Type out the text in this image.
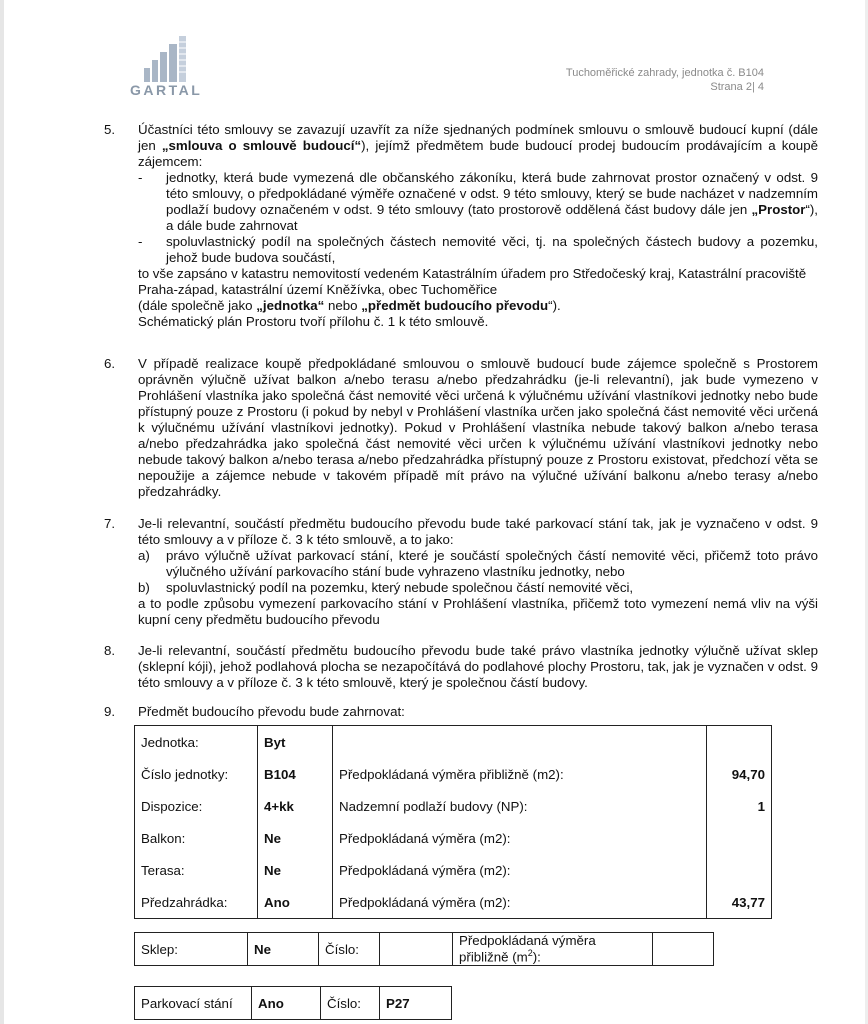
GARTAL
Tuchoměřické zahrady, jednotka č. B104
Strana 2| 4
5. Účastníci této smlouvy se zavazují uzavřít za níže sjednaných podmínek smlouvu o smlouvě budoucí kupní (dále jen „smlouva o smlouvě budoucí“), jejímž předmětem bude budoucí prodej budoucím prodávajícím a koupě zájemcem:
- jednotky, která bude vymezená dle občanského zákoníku, která bude zahrnovat prostor označený v odst. 9 této smlouvy, o předpokládané výměře označené v odst. 9 této smlouvy, který se bude nacházet v nadzemním podlaží budovy označeném v odst. 9 této smlouvy (tato prostorově oddělená část budovy dále jen „Prostor“), a dále bude zahrnovat
- spoluvlastnický podíl na společných částech nemovité věci, tj. na společných částech budovy a pozemku, jehož bude budova součástí,
to vše zapsáno v katastru nemovitostí vedeném Katastrálním úřadem pro Středočeský kraj, Katastrální pracoviště Praha-západ, katastrální území Kněžívka, obec Tuchoměřice
(dále společně jako „jednotka“ nebo „předmět budoucího převodu“).
Schématický plán Prostoru tvoří přílohu č. 1 k této smlouvě.
6. V případě realizace koupě předpokládané smlouvou o smlouvě budoucí bude zájemce společně s Prostorem oprávněn výlučně užívat balkon a/nebo terasu a/nebo předzahrádku (je-li relevantní), jak bude vymezeno v Prohlášení vlastníka jako společná část nemovité věci určená k výlučnému užívání vlastníkovi jednotky nebo bude přístupný pouze z Prostoru (i pokud by nebyl v Prohlášení vlastníka určen jako společná část nemovité věci určená k výlučnému užívání vlastníkovi jednotky). Pokud v Prohlášení vlastníka nebude takový balkon a/nebo terasa a/nebo předzahrádka jako společná část nemovité věci určen k výlučnému užívání vlastníkovi jednotky nebo nebude takový balkon a/nebo terasa a/nebo předzahrádka přístupný pouze z Prostoru existovat, předchozí věta se nepoužije a zájemce nebude v takovém případě mít právo na výlučné užívání balkonu a/nebo terasy a/nebo předzahrádky.
7. Je-li relevantní, součástí předmětu budoucího převodu bude také parkovací stání tak, jak je vyznačeno v odst. 9 této smlouvy a v příloze č. 3 k této smlouvě, a to jako:
a) právo výlučně užívat parkovací stání, které je součástí společných částí nemovité věci, přičemž toto právo výlučného užívání parkovacího stání bude vyhrazeno vlastníku jednotky, nebo
b) spoluvlastnický podíl na pozemku, který nebude společnou částí nemovité věci,
a to podle způsobu vymezení parkovacího stání v Prohlášení vlastníka, přičemž toto vymezení nemá vliv na výši kupní ceny předmětu budoucího převodu
8. Je-li relevantní, součástí předmětu budoucího převodu bude také právo vlastníka jednotky výlučně užívat sklep (sklepní kóji), jehož podlahová plocha se nezapočítává do podlahové plochy Prostoru, tak, jak je vyznačen v odst. 9 této smlouvy a v příloze č. 3 k této smlouvě, který je společnou částí budovy.
9. Předmět budoucího převodu bude zahrnovat:
Jednotka:	Byt		
Číslo jednotky:	B104	Předpokládaná výměra přibližně (m2):	94,70
Dispozice:	4+kk	Nadzemní podlaží budovy (NP):	1
Balkon:	Ne	Předpokládaná výměra (m2):	
Terasa:	Ne	Předpokládaná výměra (m2):	
Předzahrádka:	Ano	Předpokládaná výměra (m2):	43,77
Sklep:	Ne	Číslo:		Předpokládaná výměra přibližně $(m^2)$:	
Parkovací stání	Ano	Číslo:	P27
